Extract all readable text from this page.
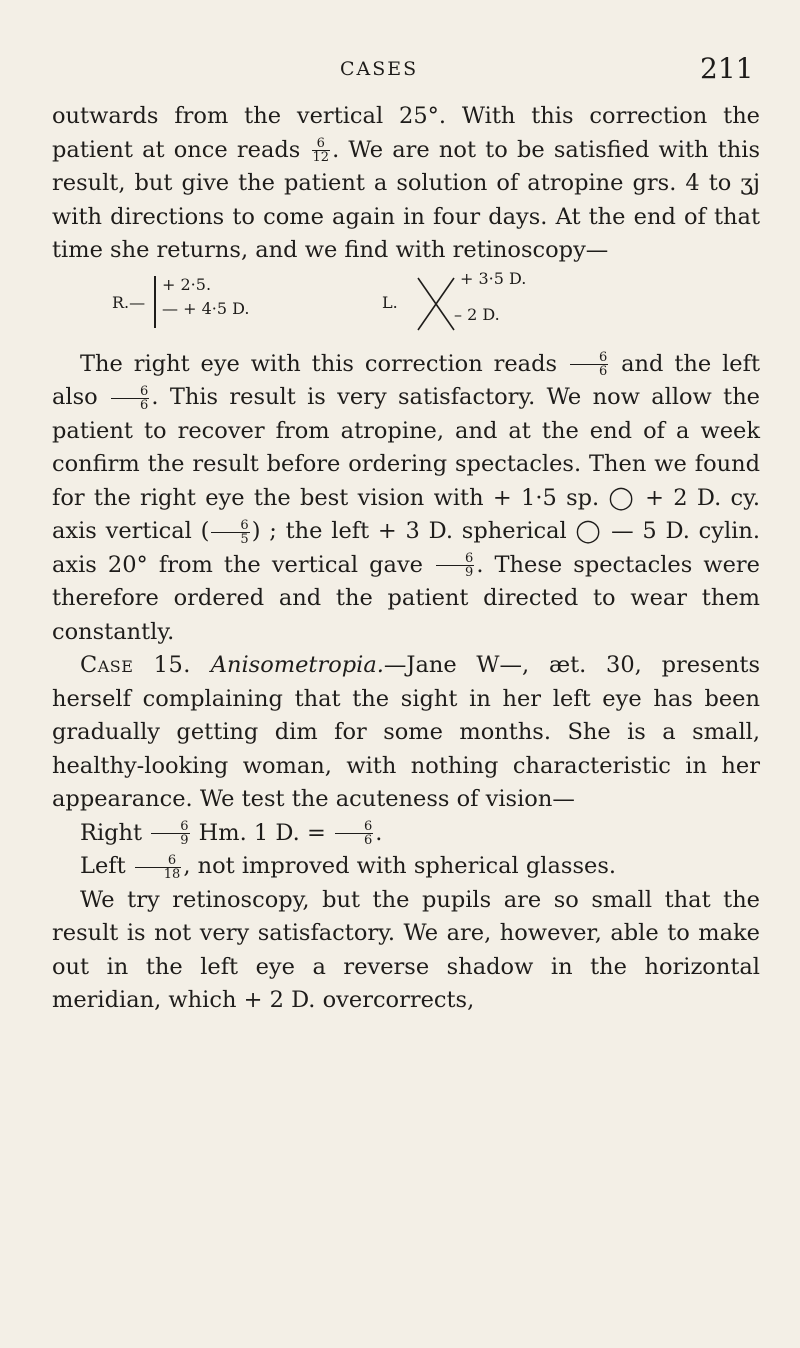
CASES	211

outwards from the vertical 25°. With this correction the patient at once reads $\frac{6}{12}$ . We are not to be satisfied with this result, but give the patient a solution of atropine grs. 4 to ʒj with directions to come again in four days. At the end of that time she returns, and we find with retinoscopy—

R.—
+ 2·5.
— + 4·5 D.	L.
+ 3·5 D.
– 2 D.

The right eye with this correction reads $\frac{6}{6}$ and the left also $\frac{6}{6}$ . This result is very satisfactory. We now allow the patient to recover from atropine, and at the end of a week confirm the result before ordering spectacles. Then we found for the right eye the best vision with + 1·5 sp. ◯ + 2 D. cy. axis vertical ( $\frac{6}{5}$ ) ; the left + 3 D. spherical ◯ — 5 D. cylin. axis 20° from the vertical gave $\frac{6}{9}$ . These spectacles were therefore ordered and the patient directed to wear them constantly.

Case 15. Anisometropia.—Jane W—, æt. 30, presents herself complaining that the sight in her left eye has been gradually getting dim for some months. She is a small, healthy-looking woman, with nothing characteristic in her appearance. We test the acuteness of vision—

Right $\frac{6}{9} Hm$. 1 D. = $\frac{6}{6}$ .

Left $\frac{6}{18}$ , not improved with spherical glasses.

We try retinoscopy, but the pupils are so small that the result is not very satisfactory. We are, however, able to make out in the left eye a reverse shadow in the horizontal meridian, which + 2 D. overcorrects,
